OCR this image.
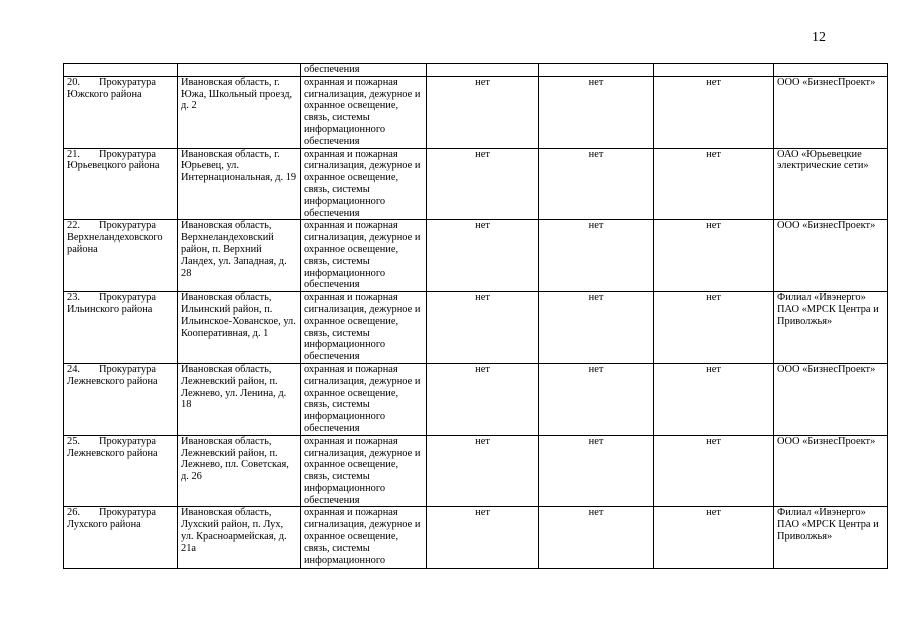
12
		обеспечения				
20. Прокуратура Южского района	Ивановская область, г. Южа, Школьный проезд, д. 2	охранная и пожарная сигнализация, дежурное и охранное освещение, связь, системы информационного обеспечения	нет	нет	нет	ООО «БизнесПроект»
21. Прокуратура Юрьевецкого района	Ивановская область, г. Юрьевец, ул. Интернациональная, д. 19	охранная и пожарная сигнализация, дежурное и охранное освещение, связь, системы информационного обеспечения	нет	нет	нет	ОАО «Юрьевецкие электрические сети»
22. Прокуратура Верхнеландеховского района	Ивановская область, Верхнеландеховский район, п. Верхний Ландех, ул. Западная, д. 28	охранная и пожарная сигнализация, дежурное и охранное освещение, связь, системы информационного обеспечения	нет	нет	нет	ООО «БизнесПроект»
23. Прокуратура Ильинского района	Ивановская область, Ильинский район, п. Ильинское-Хованское, ул. Кооперативная, д. 1	охранная и пожарная сигнализация, дежурное и охранное освещение, связь, системы информационного обеспечения	нет	нет	нет	Филиал «Ивэнерго» ПАО «МРСК Центра и Приволжья»
24. Прокуратура Лежневского района	Ивановская область, Лежневский район, п. Лежнево, ул. Ленина, д. 18	охранная и пожарная сигнализация, дежурное и охранное освещение, связь, системы информационного обеспечения	нет	нет	нет	ООО «БизнесПроект»
25. Прокуратура Лежневского района	Ивановская область, Лежневский район, п. Лежнево, пл. Советская, д. 26	охранная и пожарная сигнализация, дежурное и охранное освещение, связь, системы информационного обеспечения	нет	нет	нет	ООО «БизнесПроект»
26. Прокуратура Лухского района	Ивановская область, Лухский район, п. Лух, ул. Красноармейская, д. 21а	охранная и пожарная сигнализация, дежурное и охранное освещение, связь, системы информационного	нет	нет	нет	Филиал «Ивэнерго» ПАО «МРСК Центра и Приволжья»
